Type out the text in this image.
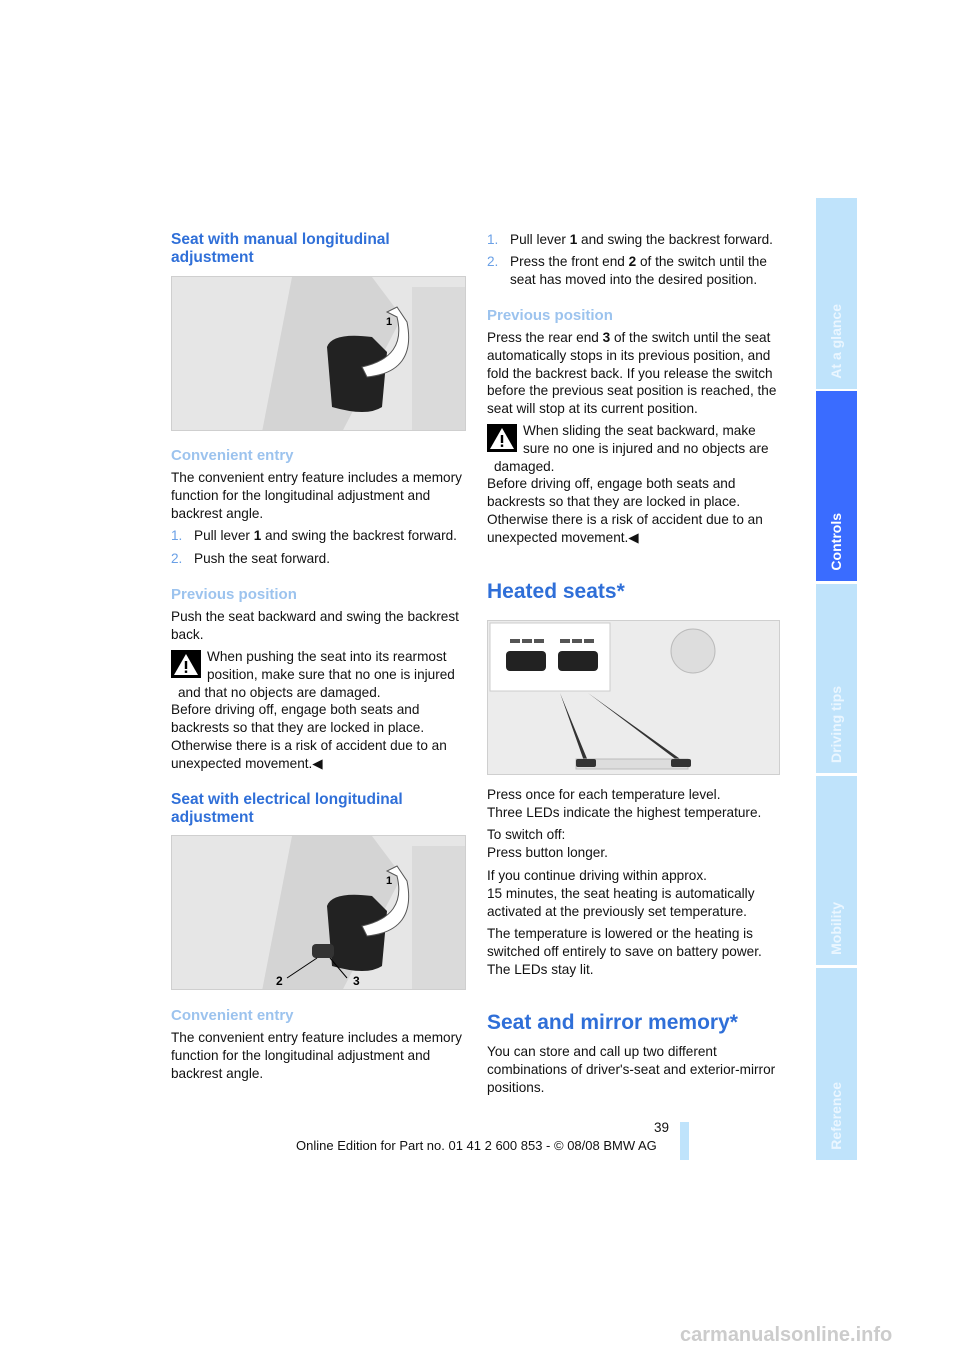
At a glance
Controls
Driving tips
Mobility
Reference
Seat with manual longitudinal adjustment
1
Convenient entry

The convenient entry feature includes a memory function for the longitudinal adjustment and backrest angle.

1. Pull lever 1 and swing the backrest forward.
2. Push the seat forward.
Previous position

Push the seat backward and swing the backrest back.

When pushing the seat into its rearmost position, make sure that no one is injured and that no objects are damaged.

Before driving off, engage both seats and backrests so that they are locked in place. Otherwise there is a risk of accident due to an unexpected movement.◀

Seat with electrical longitudinal adjustment
1
2	3
Convenient entry

The convenient entry feature includes a memory function for the longitudinal adjustment and backrest angle.

1. Pull lever 1 and swing the backrest forward.
2. Press the front end 2 of the switch until the seat has moved into the desired position.
Previous position

Press the rear end 3 of the switch until the seat automatically stops in its previous position, and fold the backrest back. If you release the switch before the previous seat position is reached, the seat will stop at its current position.

When sliding the seat backward, make sure no one is injured and no objects are damaged.

Before driving off, engage both seats and backrests so that they are locked in place. Otherwise there is a risk of accident due to an unexpected movement.◀

Heated seats*

Press once for each temperature level.
Three LEDs indicate the highest temperature.

To switch off:
Press button longer.

If you continue driving within approx.
15 minutes, the seat heating is automatically activated at the previously set temperature.

The temperature is lowered or the heating is switched off entirely to save on battery power. The LEDs stay lit.

Seat and mirror memory*

You can store and call up two different combinations of driver's-seat and exterior-mirror positions.

39
Online Edition for Part no. 01 41 2 600 853 - © 08/08 BMW AG
carmanualsonline.info
